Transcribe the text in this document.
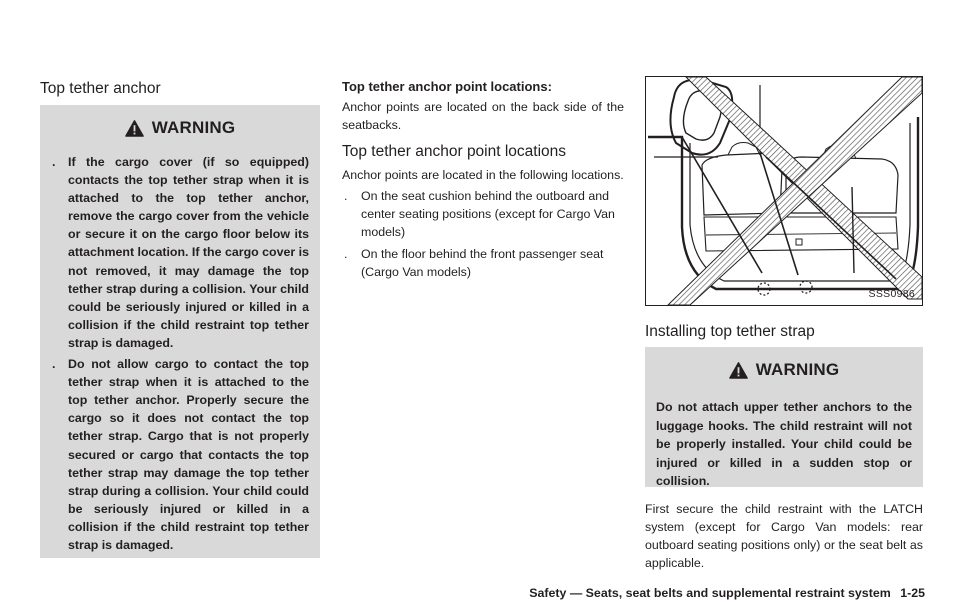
Top tether anchor
WARNING
. If the cargo cover (if so equipped) contacts the top tether strap when it is attached to the top tether anchor, remove the cargo cover from the vehicle or secure it on the cargo floor below its attachment location. If the cargo cover is not removed, it may damage the top tether strap during a collision. Your child could be seriously injured or killed in a collision if the child restraint top tether strap is damaged.
. Do not allow cargo to contact the top tether strap when it is attached to the top tether anchor. Properly secure the cargo so it does not contact the top tether strap. Cargo that is not properly secured or cargo that contacts the top tether strap may damage the top tether strap during a collision. Your child could be seriously injured or killed in a collision if the child restraint top tether strap is damaged.
Top tether anchor point locations:

Anchor points are located on the back side of the seatbacks.

Top tether anchor point locations

Anchor points are located in the following locations.

. On the seat cushion behind the outboard and center seating positions (except for Cargo Van models)
. On the floor behind the front passenger seat (Cargo Van models)
SSS0986
Installing top tether strap
WARNING

Do not attach upper tether anchors to the luggage hooks. The child restraint will not be properly installed. Your child could be injured or killed in a sudden stop or collision.

First secure the child restraint with the LATCH system (except for Cargo Van models: rear outboard seating positions only) or the seat belt as applicable.

Safety — Seats, seat belts and supplemental restraint system 1-25
